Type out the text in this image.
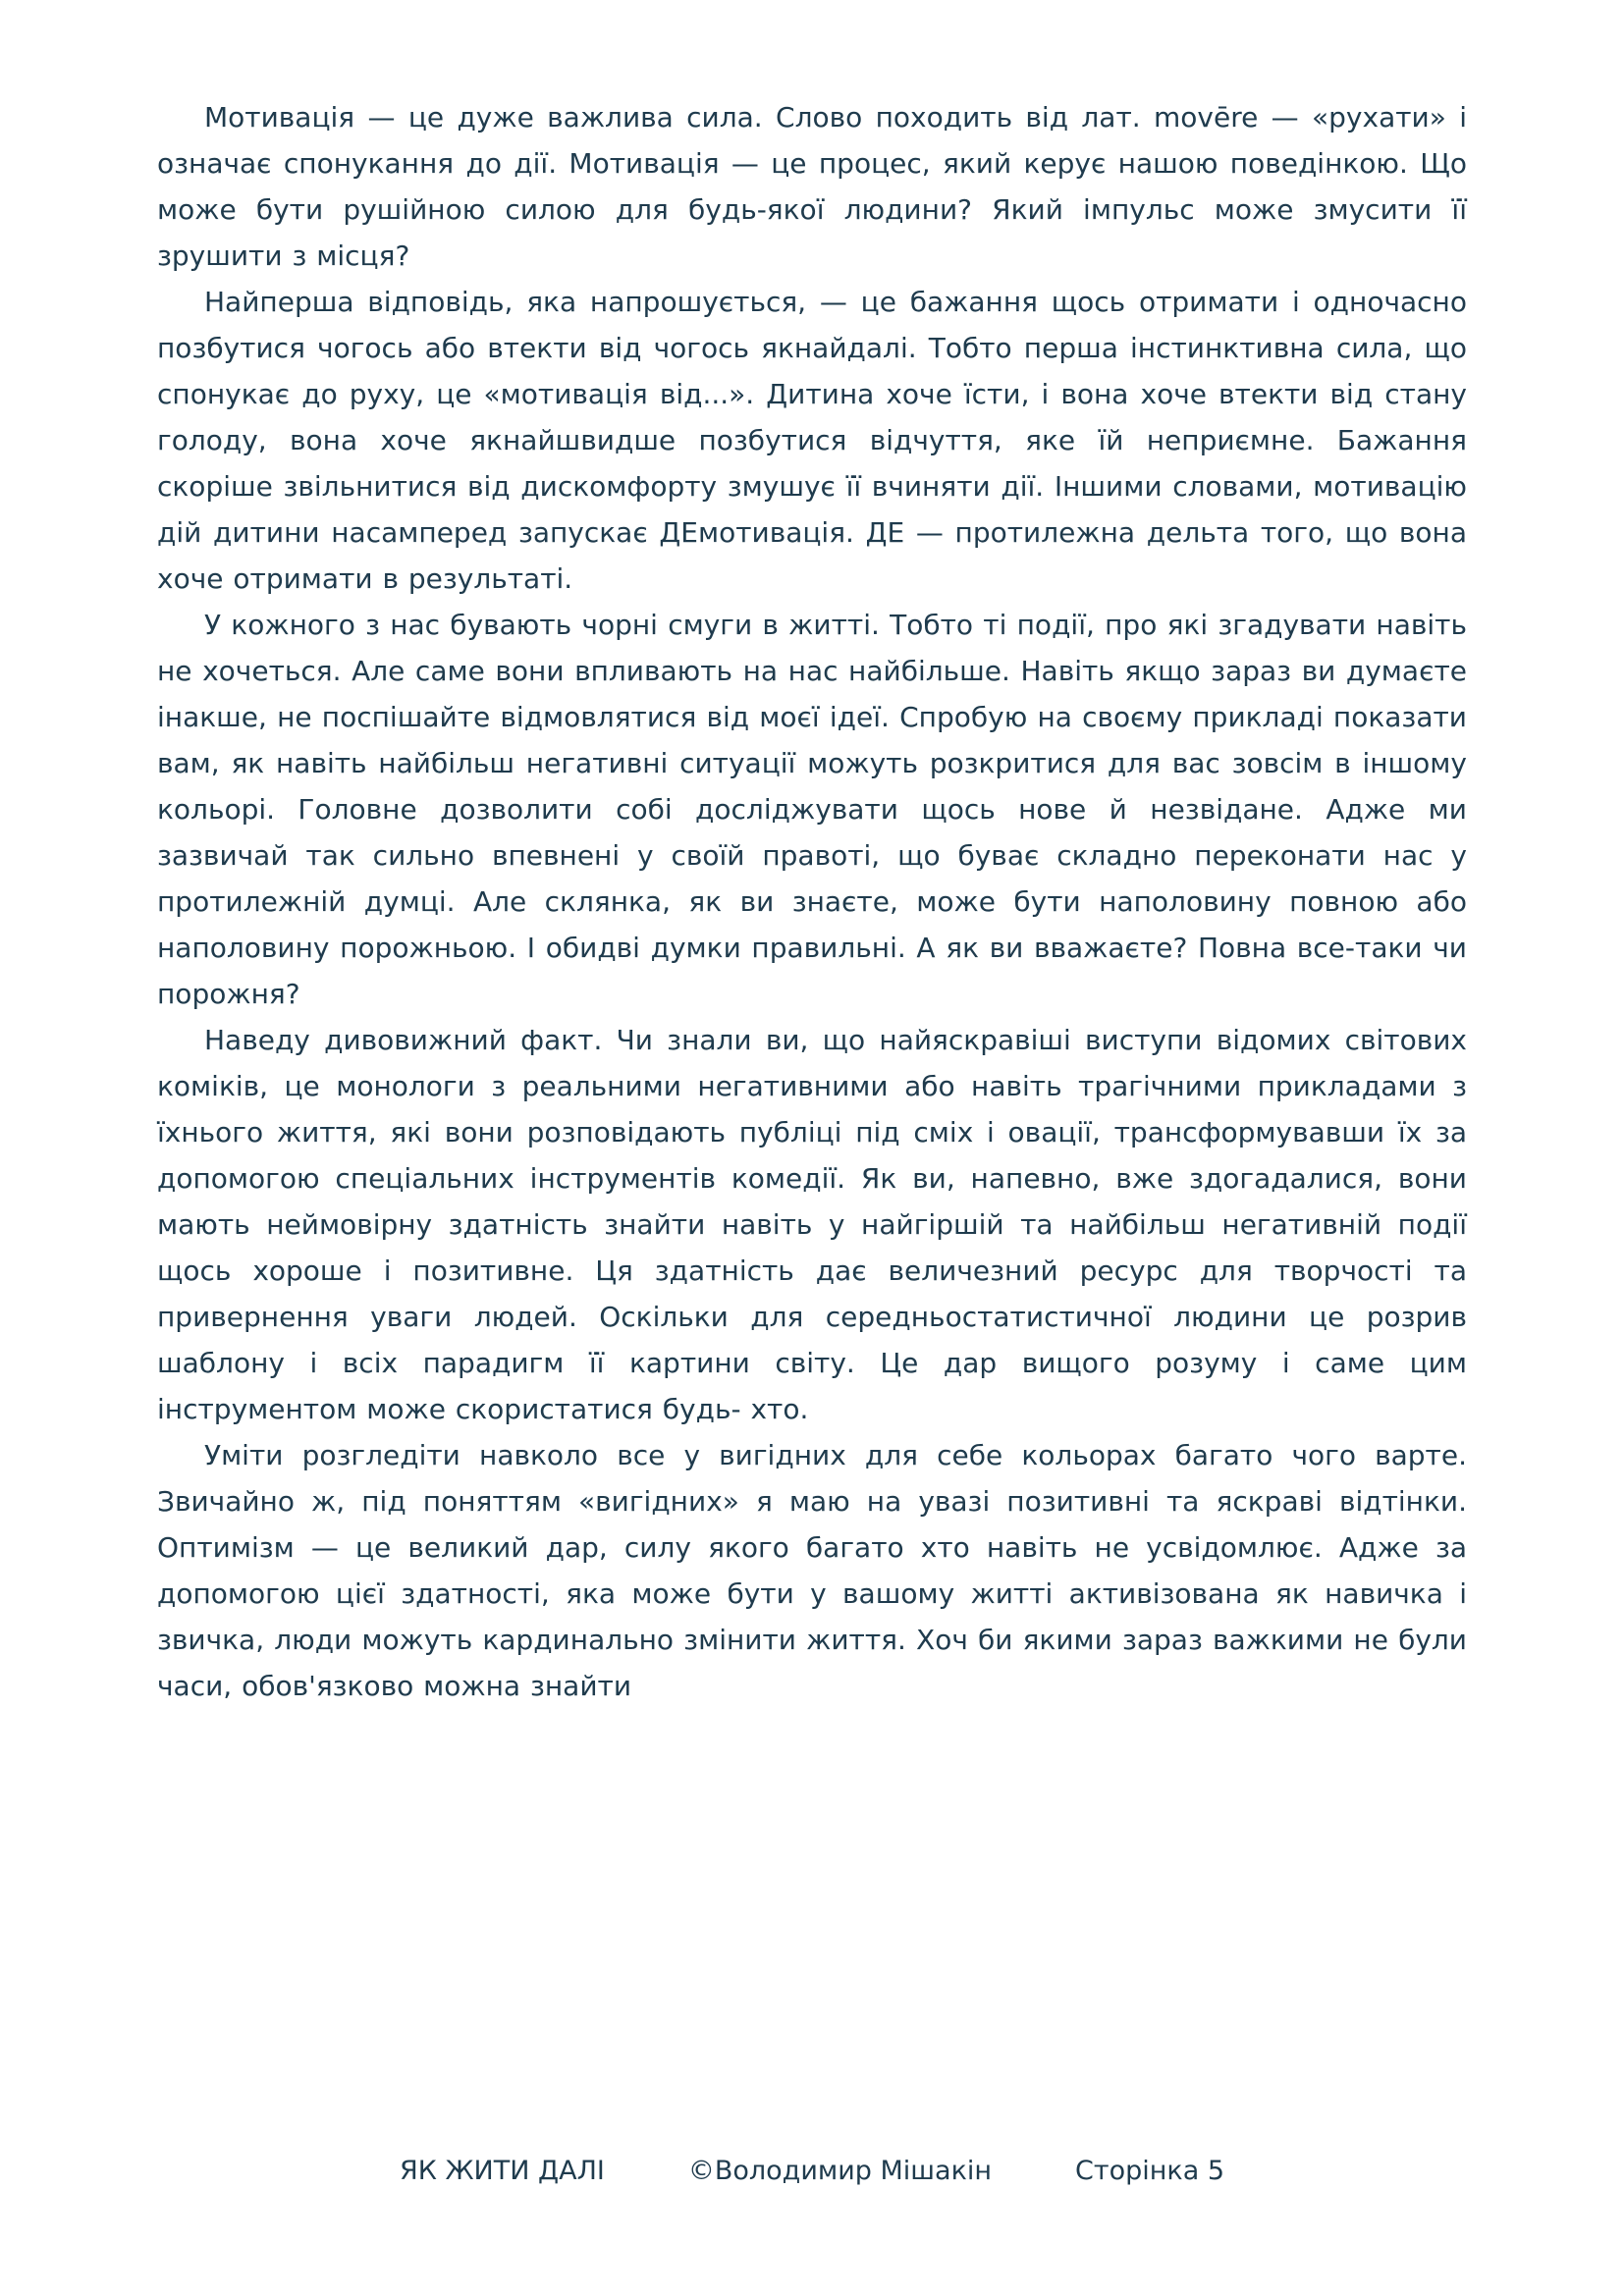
Мотивація — це дуже важлива сила. Слово походить від лат. movēre — «рухати» і означає спонукання до дії. Мотивація — це процес, який керує нашою поведінкою. Що може бути рушійною силою для будь-якої людини? Який імпульс може змусити її зрушити з місця?

Найперша відповідь, яка напрошується, — це бажання щось отримати і одночасно позбутися чогось або втекти від чогось якнайдалі. Тобто перша інстинктивна сила, що спонукає до руху, це «мотивація від...». Дитина хоче їсти, і вона хоче втекти від стану голоду, вона хоче якнайшвидше позбутися відчуття, яке їй неприємне. Бажання скоріше звільнитися від дискомфорту змушує її вчиняти дії. Іншими словами, мотивацію дій дитини насамперед запускає ДЕмотивація. ДЕ — протилежна дельта того, що вона хоче отримати в результаті.

У кожного з нас бувають чорні смуги в житті. Тобто ті події, про які згадувати навіть не хочеться. Але саме вони впливають на нас найбільше. Навіть якщо зараз ви думаєте інакше, не поспішайте відмовлятися від моєї ідеї. Спробую на своєму прикладі показати вам, як навіть найбільш негативні ситуації можуть розкритися для вас зовсім в іншому кольорі. Головне дозволити собі досліджувати щось нове й незвідане. Адже ми зазвичай так сильно впевнені у своїй правоті, що буває складно переконати нас у протилежній думці. Але склянка, як ви знаєте, може бути наполовину повною або наполовину порожньою. І обидві думки правильні. А як ви вважаєте? Повна все-таки чи порожня?

Наведу дивовижний факт. Чи знали ви, що найяскравіші виступи відомих світових коміків, це монологи з реальними негативними або навіть трагічними прикладами з їхнього життя, які вони розповідають публіці під сміх і овації, трансформувавши їх за допомогою спеціальних інструментів комедії. Як ви, напевно, вже здогадалися, вони мають неймовірну здатність знайти навіть у найгіршій та найбільш негативній події щось хороше і позитивне. Ця здатність дає величезний ресурс для творчості та привернення уваги людей. Оскільки для середньостатистичної людини це розрив шаблону і всіх парадигм її картини світу. Це дар вищого розуму і саме цим інструментом може скористатися будь- хто.

Уміти розгледіти навколо все у вигідних для себе кольорах багато чого варте. Звичайно ж, під поняттям «вигідних» я маю на увазі позитивні та яскраві відтінки. Оптимізм — це великий дар, силу якого багато хто навіть не усвідомлює. Адже за допомогою цієї здатності, яка може бути у вашому житті активізована як навичка і звичка, люди можуть кардинально змінити життя. Хоч би якими зараз важкими не були часи, обов'язково можна знайти

ЯК ЖИТИ ДАЛІ	©Володимир Мішакін	Сторінка 5
